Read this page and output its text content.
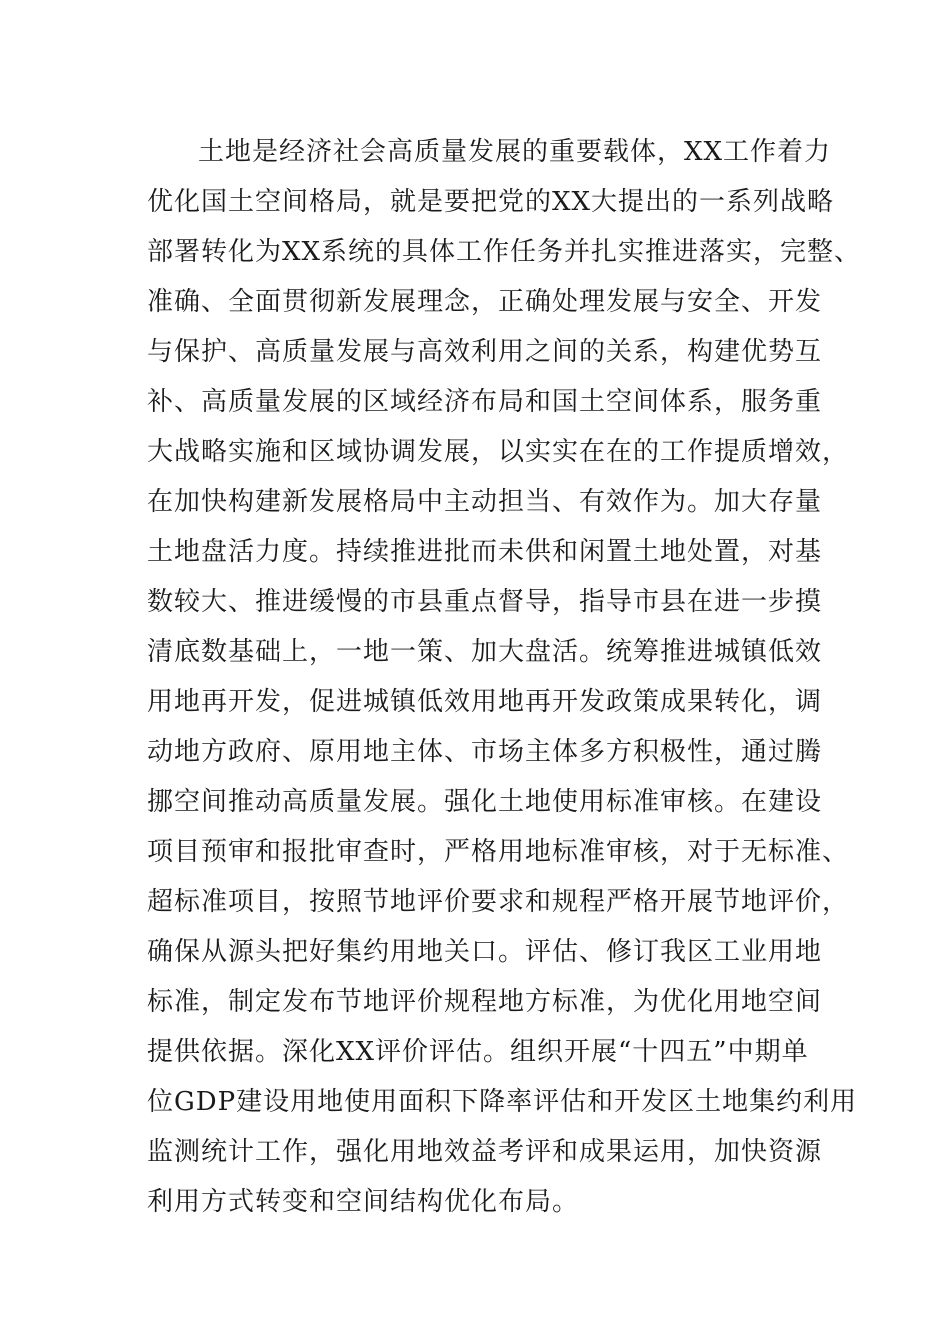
土地是经济社会高质量发展的重要载体，XX工作着力
优化国土空间格局，就是要把党的XX大提出的一系列战略
部署转化为XX系统的具体工作任务并扎实推进落实，完整、
准确、全面贯彻新发展理念，正确处理发展与安全、开发
与保护、高质量发展与高效利用之间的关系，构建优势互
补、高质量发展的区域经济布局和国土空间体系，服务重
大战略实施和区域协调发展，以实实在在的工作提质增效，
在加快构建新发展格局中主动担当、有效作为。加大存量
土地盘活力度。持续推进批而未供和闲置土地处置，对基
数较大、推进缓慢的市县重点督导，指导市县在进一步摸
清底数基础上，一地一策、加大盘活。统筹推进城镇低效
用地再开发，促进城镇低效用地再开发政策成果转化，调
动地方政府、原用地主体、市场主体多方积极性，通过腾
挪空间推动高质量发展。强化土地使用标准审核。在建设
项目预审和报批审查时，严格用地标准审核，对于无标准、
超标准项目，按照节地评价要求和规程严格开展节地评价，
确保从源头把好集约用地关口。评估、修订我区工业用地
标准，制定发布节地评价规程地方标准，为优化用地空间
提供依据。深化XX评价评估。组织开展“十四五”中期单
位GDP建设用地使用面积下降率评估和开发区土地集约利用
监测统计工作，强化用地效益考评和成果运用，加快资源
利用方式转变和空间结构优化布局。
